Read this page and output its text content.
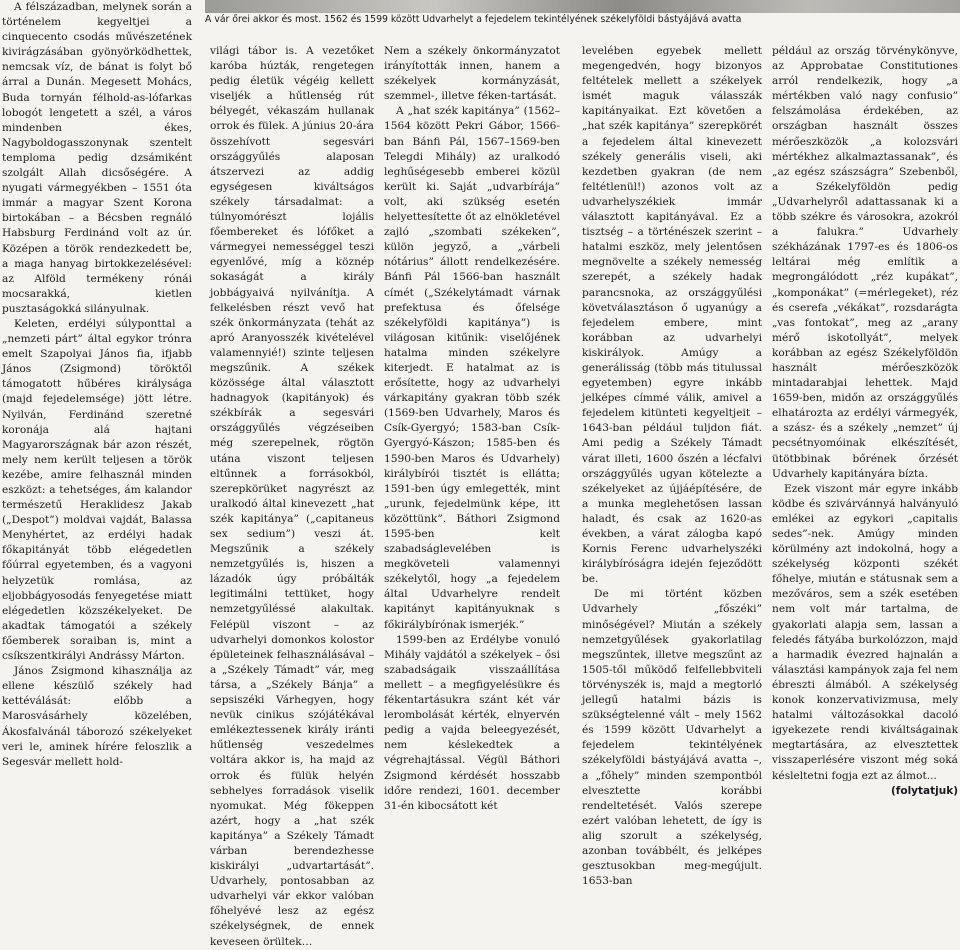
A vár őrei akkor és most. 1562 és 1599 között Udvarhelyt a fejedelem tekintélyének székelyföldi bástyájává avatta

A félszázadban, melynek során a történelem kegyeltjei a cinquecento csodás művészetének kivirágzásában gyönyörködhettek, nemcsak víz, de bánat is folyt bő árral a Dunán. Megesett Mohács, Buda tornyán félhold-as-lófarkas lobogót lengetett a szél, a város mindenben ékes, Nagyboldogasszonynak szentelt temploma pedig dzsámiként szolgált Allah dicsőségére. A nyugati vármegyékben – 1551 óta immár a magyar Szent Korona birtokában – a Bécsben regnáló Habsburg Ferdinánd volt az úr. Középen a török rendezkedett be, a maga hanyag birtokkezelésével: az Alföld termékeny rónái mocsarakká, kietlen pusztaságokká silányulnak.

Keleten, erdélyi súlyponttal a „nemzeti párt” által egykor trónra emelt Szapolyai János fia, ifjabb János (Zsigmond) töröktől támogatott hűbéres királysága (majd fejedelemsége) jött létre. Nyilván, Ferdinánd szeretné koronája alá hajtani Magyarországnak bár azon részét, mely nem került teljesen a török kezébe, amire felhasznál minden eszközt: a tehetséges, ám kalandor természetű Heraklidesz Jakab („Despot”) moldvai vajdát, Balassa Menyhértet, az erdélyi hadak főkapitányát több elégedetlen főúrral egyetemben, és a vagyoni helyzetük romlása, az eljobbágyosodás fenyegetése miatt elégedetlen közszékelyeket. De akadtak támogatói a székely főemberek soraiban is, mint a csíkszentkirályi Andrássy Márton.

János Zsigmond kihasználja az ellene készülő székely had kettéválását: előbb a Marosvásárhely közelében, Ákosfalvánál táborozó székelyeket veri le, aminek hírére feloszlik a Segesvár mellett hold-

világi tábor is. A vezetőket karóba húzták, rengetegen pedig életük végéig kellett viseljék a hűtlenség rút bélyegét, vékaszám hullanak orrok és fülek. A június 20-ára összehívott segesvári országgyűlés alaposan átszervezi az addig egységesen kiváltságos székely társadalmat: a túlnyomórészt lojális főembereket és lófőket a vármegyei nemességgel teszi egyenlővé, míg a köznép sokaságát a király jobbágyaivá nyilvánítja. A felkelésben részt vevő hat szék önkormányzata (tehát az apró Aranyosszék kivételével valamennyié!) szinte teljesen megszűnik. A székek közössége által választott hadnagyok (kapitányok) és székbírák a segesvári országgyűlés végzéseiben még szerepelnek, rögtön utána viszont teljesen eltűnnek a forrásokból, szerepkörüket nagyrészt az uralkodó által kinevezett „hat szék kapitánya” („capitaneus sex sedium”) veszi át. Megszűnik a székely nemzetgyűlés is, hiszen a lázadók úgy próbálták legitimálni tettüket, hogy nemzetgyűléssé alakultak. Felépül viszont – az udvarhelyi domonkos kolostor épületeinek felhasználásával – a „Székely Támadt” vár, meg társa, a „Székely Bánja” a sepsiszéki Várhegyen, hogy nevük cinikus szójátékával emlékeztessenek király iránti hűtlenség veszedelmes voltára akkor is, ha majd az orrok és fülük helyén sebhelyes forradások viselik nyomukat. Még fökeppen azért, hogy a „hat szék kapitánya” a Székely Támadt várban berendezhesse kiskirályi „udvartartását”. Udvarhely, pontosabban az udvarhelyi vár ekkor valóban főhelyévé lesz az egész székelységnek, de ennek keveseen örültek…

Nem a székely önkormányzatot irányították innen, hanem a székelyek kormányzását, szemmel-, illetve féken-tartását.

A „hat szék kapitánya” (1562–1564 között Pekri Gábor, 1566-ban Bánfi Pál, 1567–1569-ben Telegdi Mihály) az uralkodó leghűségesebb emberei közül került ki. Saját „udvarbírája” volt, aki szükség esetén helyettesítette őt az elnökletével zajló „szombati székeken”, külön jegyző, a „várbeli nótárius” állott rendelkezésére. Bánfi Pál 1566-ban használt címét („Székelytámadt várnak prefektusa és őfelsége székelyföldi kapitánya”) is világosan kitűnik: viselőjének hatalma minden székelyre kiterjedt. E hatalmat az is erősítette, hogy az udvarhelyi várkapitány gyakran több szék (1569-ben Udvarhely, Maros és Csík-Gyergyó; 1583-ban Csík-Gyergyó-Kászon; 1585-ben és 1590-ben Maros és Udvarhely) királybírói tisztét is ellátta; 1591-ben úgy emlegették, mint „urunk, fejedelmünk képe, itt közöttünk”. Báthori Zsigmond 1595-ben kelt szabadságlevelében is megköveteli valamennyi székelytől, hogy „a fejedelem által Udvarhelyre rendelt kapitányt kapitányuknak s főkirálybírónak ismerjék.”

1599-ben az Erdélybe vonuló Mihály vajdától a székelyek – ősi szabadságaik visszaállítása mellett – a megfigyelésükre és fékentartásukra szánt két vár lerombolását kérték, elnyervén pedig a vajda beleegyezését, nem késlekedtek a végrehajtással. Végül Báthori Zsigmond kérdését hosszabb időre rendezi, 1601. december 31-én kibocsátott két

levelében egyebek mellett megengedvén, hogy bizonyos feltételek mellett a székelyek ismét maguk válasszák kapitányaikat. Ezt követően a „hat szék kapitánya” szerepkörét a fejedelem által kinevezett székely generális viseli, aki kezdetben gyakran (de nem feltétlenül!) azonos volt az udvarhelyszékiek immár választott kapitányával. Ez a tisztség – a történészek szerint – hatalmi eszköz, mely jelentősen megnövelte a székely nemesség szerepét, a székely hadak parancsnoka, az országgyűlési követválasztáson ő ugyanúgy a fejedelem embere, mint korábban az udvarhelyi kiskirályok. Amúgy a generálisság (több más titulussal egyetemben) egyre inkább jelképes címmé válik, amivel a fejedelem kitünteti kegyeltjeit – 1643-ban például tuljdon fiát. Ami pedig a Székely Támadt várat illeti, 1600 őszén a lécfalvi országgyűlés ugyan kötelezte a székelyeket az újjáépítésére, de a munka meglehetősen lassan haladt, és csak az 1620-as években, a várat zálogba kapó Kornis Ferenc udvarhelyszéki királybíróságra idején fejeződött be.

De mi történt közben Udvarhely „főszéki” minőségével? Miután a székely nemzetgyűlések gyakorlatilag megszűntek, illetve megszűnt az 1505-től működő felfellebbviteli törvényszék is, majd a megtorló jellegű hatalmi bázis is szükségtelenné vált – mely 1562 és 1599 között Udvarhelyt a fejedelem tekintélyének székelyföldi bástyájává avatta –, a „főhely” minden szempontból elvesztette korábbi rendeltetését. Valós szerepe ezért valóban lehetett, de így is alig szorult a székelység, azonban továbbélt, és jelképes gesztusokban meg-megújult. 1653-ban

például az ország törvénykönyve, az Approbatae Constitutiones arról rendelkezik, hogy „a mértékben való nagy confusio” felszámolása érdekében, az országban használt összes mérőeszközök „a kolozsvári mértékhez alkalmaztassanak”, és „az egész szászságra” Szebenből, a Székelyföldön pedig „Udvarhelyről adattassanak ki a több székre és városokra, azokról a falukra.” Udvarhely székházának 1797-es és 1806-os leltárai még említik a megrongálódott „réz kupákat”, „komponákat” (=mérlegeket), réz és cserefa „vékákat”, rozsdarágta „vas fontokat”, meg az „arany mérő iskotollyát”, melyek korábban az egész Székelyföldön használt mérőeszközök mintadarabjai lehettek. Majd 1659-ben, midőn az országgyűlés elhatározta az erdélyi vármegyék, a szász- és a székely „nemzet” új pecsétnyomóinak elkészítését, ütötbbinak bőrének őrzését Udvarhely kapitányára bízta.

Ezek viszont már egyre inkább ködbe és szivárvánnyá halványuló emlékei az egykori „capitalis sedes”-nek. Amúgy minden körülmény azt indokolná, hogy a székelység központi székét főhelye, miután e státusnak sem a mezőváros, sem a szék esetében nem volt már tartalma, de gyakorlati alapja sem, lassan a feledés fátyába burkolózzon, majd a harmadik évezred hajnalán a választási kampányok zaja fel nem ébreszti álmából. A székelység konok konzervativizmusa, mely hatalmi változásokkal dacoló igyekezete rendi kiváltságainak megtartására, az elvesztettek visszaperlésére viszont még soká késleltetni fogja ezt az álmot...

(folytatjuk)
